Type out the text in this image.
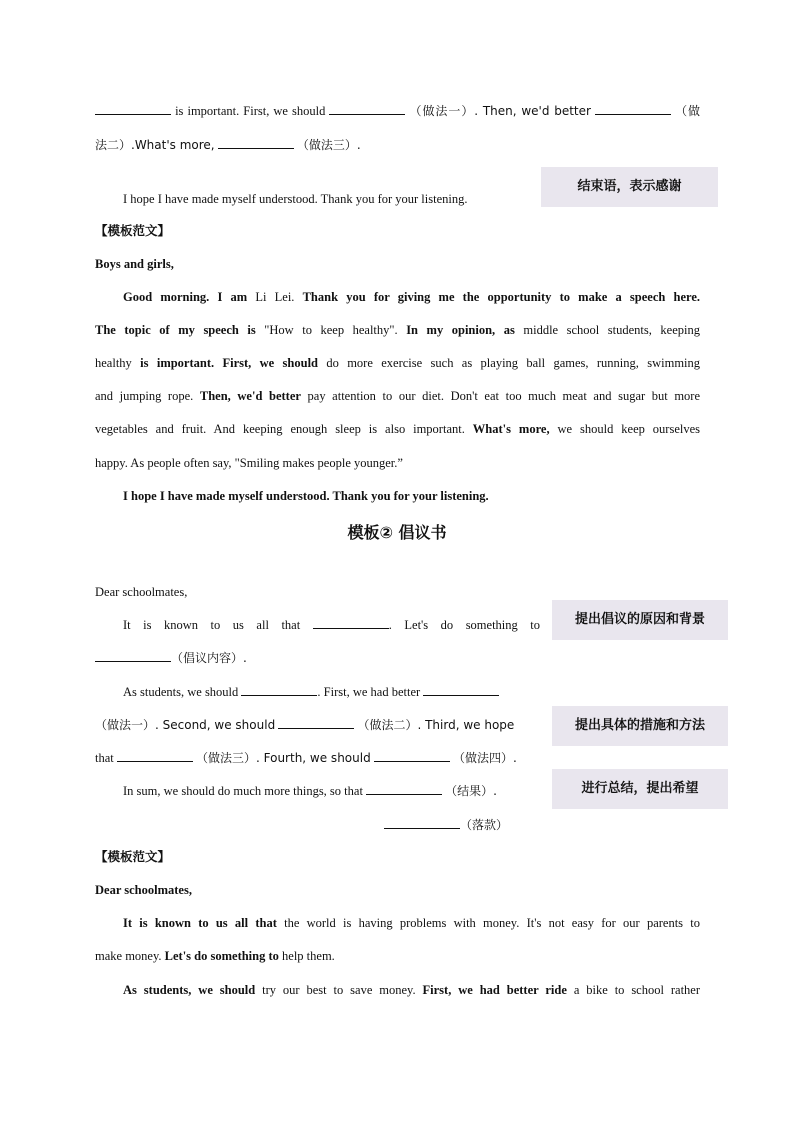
is important. First, we should	（做法一）. Then, we'd better	（做
法二）.What's more,	（做法三）.
I hope I have made myself understood. Thank you for your listening.
结束语，表示感谢
【模板范文】
Boys and girls,
Good morning. I am Li Lei. Thank you for giving me the opportunity to make a speech here.
The topic of my speech is "How to keep healthy". In my opinion, as middle school students, keeping
healthy is important. First, we should do more exercise such as playing ball games, running, swimming
and jumping rope. Then, we'd better pay attention to our diet. Don't eat too much meat and sugar but more
vegetables and fruit. And keeping enough sleep is also important. What's more, we should keep ourselves
happy. As people often say, "Smiling makes people younger.”
I hope I have made myself understood. Thank you for your listening.
模板② 倡议书
Dear schoolmates,
It is known to us all that	. Let's do something to
（倡议内容）.
As students, we should	. First, we had better
（做法一）. Second, we should	（做法二）. Third, we hope
that	（做法三）. Fourth, we should	（做法四）.
In sum, we should do much more things, so that	（结果）.
（落款）
提出倡议的原因和背景
提出具体的措施和方法
进行总结，提出希望
【模板范文】
Dear schoolmates,
It is known to us all that the world is having problems with money. It's not easy for our parents to
make money. Let's do something to help them.
As students, we should try our best to save money. First, we had better ride a bike to school rather
